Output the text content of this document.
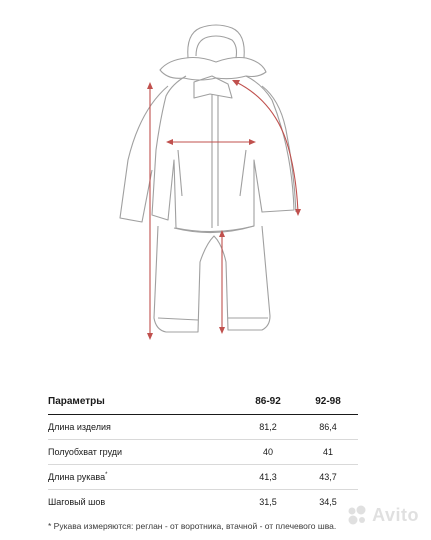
Параметры	86-92	92-98
Длина изделия	81,2	86,4
Полуобхват груди	40	41
Длина рукава*	41,3	43,7
Шаговый шов	31,5	34,5
* Рукава измеряются: реглан - от воротника, втачной - от плечевого шва.
Avito
